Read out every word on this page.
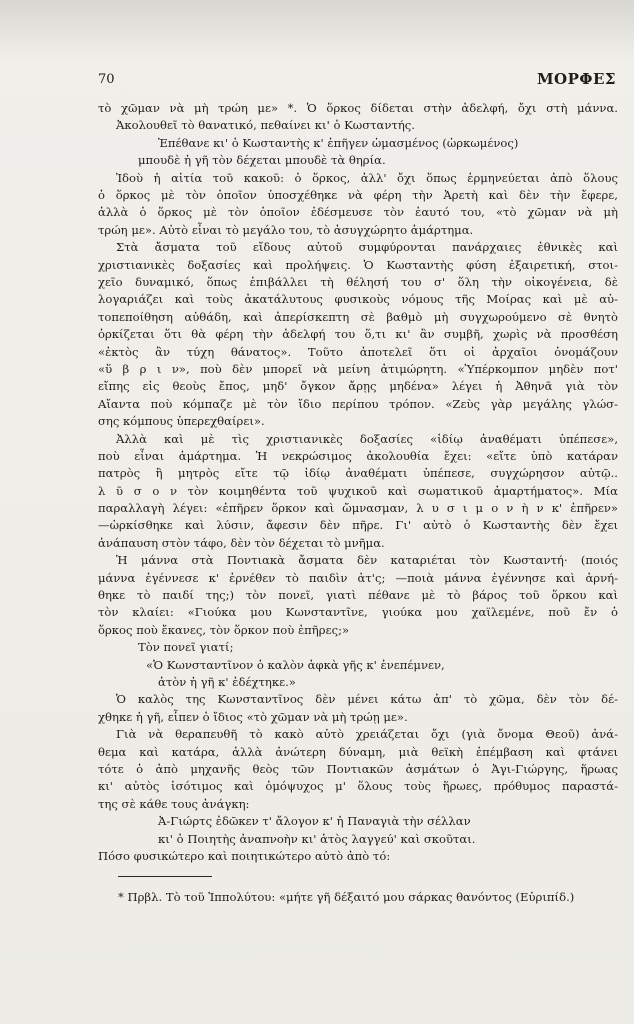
70	ΜΟΡΦΕΣ
τὸ χῶμαν νὰ μὴ τρώη με» *. Ὁ ὅρκος δίδεται στὴν ἀδελφή, ὄχι στὴ μάννα.
Ἀκολουθεῖ τὸ θανατικό, πεθαίνει κι' ὁ Κωσταντής.
Ἐπέθανε κι' ὁ Κωσταντὴς κ' ἐπῆγεν ὡμασμένος (ὡρκωμένος)
μπουδὲ ἡ γῆ τὸν δέχεται μπουδὲ τὰ θηρία.
Ἰδοὺ ἡ αἰτία τοῦ κακοῦ: ὁ ὅρκος, ἀλλ' ὄχι ὅπως ἑρμηνεύεται ἀπὸ ὅλους
ὁ ὅρκος μὲ τὸν ὁποῖον ὑποσχέθηκε νὰ φέρη τὴν Ἀρετὴ καὶ δὲν τὴν ἔφερε,
ἀλλὰ ὁ ὅρκος μὲ τὸν ὁποῖον ἐδέσμευσε τὸν ἑαυτό του, «τὸ χῶμαν νὰ μὴ
τρώη με». Αὐτὸ εἶναι τὸ μεγάλο του, τὸ ἀσυγχώρητο ἁμάρτημα.
Στὰ ἄσματα τοῦ εἴδους αὐτοῦ συμφύρονται πανάρχαιες ἐθνικὲς καὶ
χριστιανικὲς δοξασίες καὶ προλήψεις. Ὁ Κωσταντὴς φύση ἐξαιρετική, στοι-
χεῖο δυναμικό, ὅπως ἐπιβάλλει τὴ θέλησή του σ' ὅλη τὴν οἰκογένεια, δὲ
λογαριάζει καὶ τοὺς ἀκατάλυτους φυσικοὺς νόμους τῆς Μοίρας καὶ μὲ αὐ-
τοπεποίθηση αὐθάδη, καὶ ἀπερίσκεπτη σὲ βαθμὸ μὴ συγχωρούμενο σὲ θνητὸ
ὁρκίζεται ὅτι θὰ φέρη τὴν ἀδελφή του ὅ,τι κι' ἂν συμβῆ, χωρὶς νὰ προσθέση
«ἐκτὸς ἂν τύχη θάνατος». Τοῦτο ἀποτελεῖ ὅτι οἱ ἀρχαῖοι ὀνομάζουν
«ὕ β ρ ι ν», ποὺ δὲν μπορεῖ νὰ μείνη ἀτιμώρητη. «Ὑπέρκομπον μηδὲν ποτ'
εἴπης εἰς θεοὺς ἔπος, μηδ' ὄγκον ἄρῃς μηδένα» λέγει ἡ Ἀθηνᾶ γιὰ τὸν
Αἴαντα ποὺ κόμπαζε μὲ τὸν ἴδιο περίπου τρόπον. «Ζεὺς γὰρ μεγάλης γλώσ-
σης κόμπους ὑπερεχθαίρει».
Ἀλλὰ καὶ μὲ τὶς χριστιανικὲς δοξασίες «ἰδίῳ ἀναθέματι ὑπέπεσε»,
ποὺ εἶναι ἁμάρτημα. Ἡ νεκρώσιμος ἀκολουθία ἔχει: «εἴτε ὑπὸ κατάραν
πατρὸς ἢ μητρὸς εἴτε τῷ ἰδίῳ ἀναθέματι ὑπέπεσε, συγχώρησον αὐτῷ..
λ ῦ σ ο ν τὸν κοιμηθέντα τοῦ ψυχικοῦ καὶ σωματικοῦ ἁμαρτήματος». Μία
παραλλαγὴ λέγει: «ἐπῆρεν ὅρκον καὶ ὤμνασμαν, λ υ σ ι μ ο ν ὴ ν κ' ἐπῆρεν»
—ὡρκίσθηκε καὶ λύσιν, ἄφεσιν δὲν πῆρε. Γι' αὐτὸ ὁ Κωσταντὴς δὲν ἔχει
ἀνάπαυση στὸν τάφο, δὲν τὸν δέχεται τὸ μνῆμα.
Ἡ μάννα στὰ Ποντιακὰ ἄσματα δὲν καταριέται τὸν Κωσταντή· (ποιός
μάννα ἐγέννεσε κ' ἐρνέθεν τὸ παιδὶν ἀτ'ς; —ποιὰ μάννα ἐγέννησε καὶ ἀρνή-
θηκε τὸ παιδί της;) τὸν πονεῖ, γιατὶ πέθανε μὲ τὸ βάρος τοῦ ὅρκου καὶ
τὸν κλαίει: «Γιούκα μου Κωνσταντῖνε, γιούκα μου χαϊλεμένε, ποῦ ἔν ὁ
ὅρκος ποὺ ἔκανες, τὸν ὅρκον ποὺ ἐπῆρες;»
Τὸν πονεῖ γιατί;
«Ὁ Κωνσταντῖνον ὁ καλὸν ἀφκὰ γῆς κ' ἐνεπέμνεν,
ἀτὸν ἡ γῆ κ' ἐδέχτηκε.»
Ὁ καλὸς της Κωνσταντῖνος δὲν μένει κάτω ἀπ' τὸ χῶμα, δὲν τὸν δέ-
χθηκε ἡ γῆ, εἶπεν ὁ ἴδιος «τὸ χῶμαν νὰ μὴ τρώῃ με».
Γιὰ νὰ θεραπευθῆ τὸ κακὸ αὐτὸ χρειάζεται ὄχι (γιὰ ὄνομα Θεοῦ) ἀνά-
θεμα καὶ κατάρα, ἀλλὰ ἀνώτερη δύναμη, μιὰ θεϊκὴ ἐπέμβαση καὶ φτάνει
τότε ὁ ἀπὸ μηχανῆς θεὸς τῶν Ποντιακῶν ἀσμάτων ὁ Ἀγι-Γιώργης, ἥρωας
κι' αὐτὸς ἰσότιμος καὶ ὁμόψυχος μ' ὅλους τοὺς ἥρωες, πρόθυμος παραστά-
της σὲ κάθε τους ἀνάγκη:
Ἀ-Γιώρτς ἐδῶκεν τ' ἄλογον κ' ἡ Παναγιὰ τὴν σέλλαν
κι' ὁ Ποιητὴς ἀναπνοὴν κι' ἀτὸς λαγγεύ' καὶ σκοῦται.
Πόσο φυσικώτερο καὶ ποιητικώτερο αὐτὸ ἀπὸ τό:
* Πρβλ. Τὸ τοῦ Ἱππολύτου: «μήτε γῆ δέξαιτό μου σάρκας θανόντος (Εὐριπίδ.)
